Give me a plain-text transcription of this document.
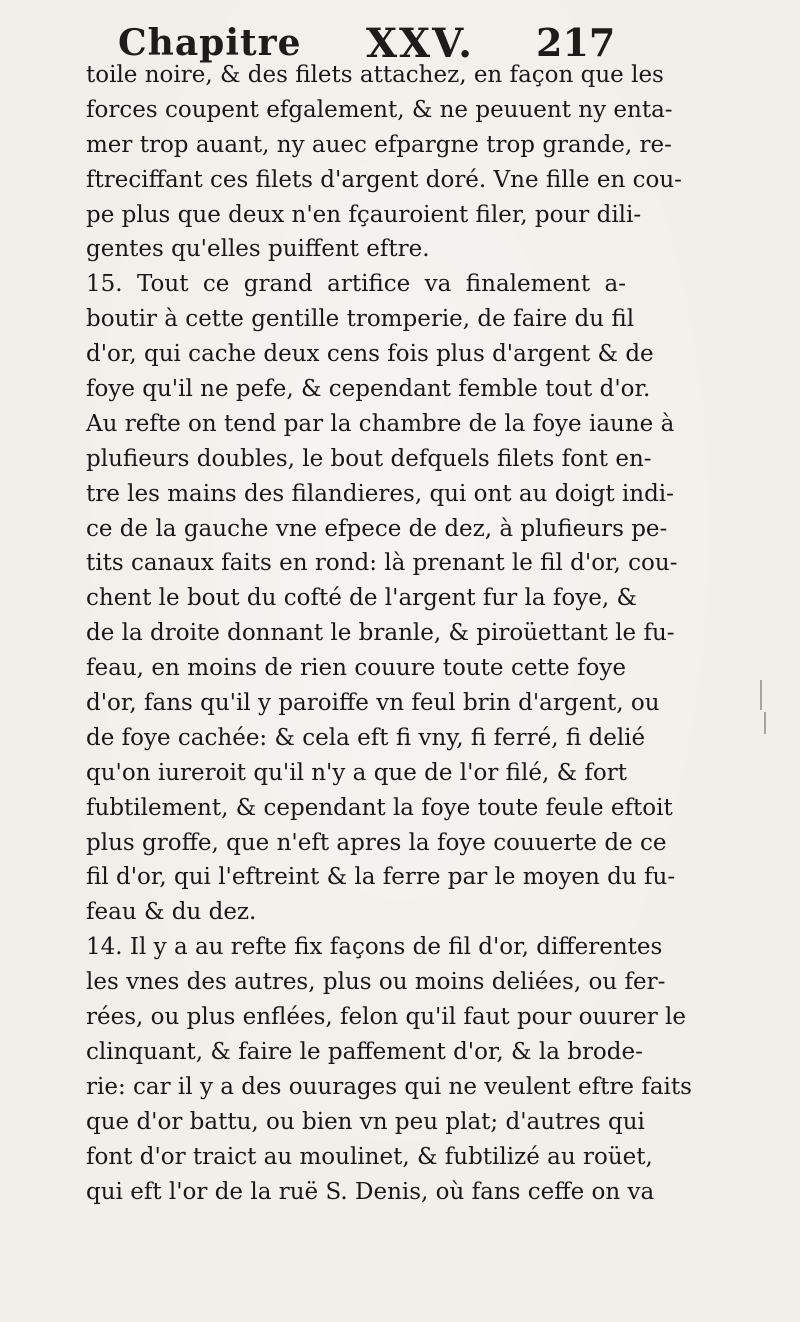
Chapitre XXV. 217
toile noire, & des filets attachez, en façon que les
forces coupent efgalement, & ne peuuent ny enta-
mer trop auant, ny auec efpargne trop grande, re-
ftreciffant ces filets d'argent doré. Vne fille en cou-
pe plus que deux n'en fçauroient filer, pour dili-
gentes qu'elles puiffent eftre.
15. Tout ce grand artifice va finalement a-
boutir à cette gentille tromperie, de faire du fil
d'or, qui cache deux cens fois plus d'argent & de
foye qu'il ne pefe, & cependant femble tout d'or.
Au refte on tend par la chambre de la foye iaune à
plufieurs doubles, le bout defquels filets font en-
tre les mains des filandieres, qui ont au doigt indi-
ce de la gauche vne efpece de dez, à plufieurs pe-
tits canaux faits en rond: là prenant le fil d'or, cou-
chent le bout du cofté de l'argent fur la foye, &
de la droite donnant le branle, & piroüettant le fu-
feau, en moins de rien couure toute cette foye
d'or, fans qu'il y paroiffe vn feul brin d'argent, ou
de foye cachée: & cela eft fi vny, fi ferré, fi delié
qu'on iureroit qu'il n'y a que de l'or filé, & fort
fubtilement, & cependant la foye toute feule eftoit
plus groffe, que n'eft apres la foye couuerte de ce
fil d'or, qui l'eftreint & la ferre par le moyen du fu-
feau & du dez.
14. Il y a au refte fix façons de fil d'or, differentes
les vnes des autres, plus ou moins deliées, ou fer-
rées, ou plus enflées, felon qu'il faut pour ouurer le
clinquant, & faire le paffement d'or, & la brode-
rie: car il y a des ouurages qui ne veulent eftre faits
que d'or battu, ou bien vn peu plat; d'autres qui
font d'or traict au moulinet, & fubtilizé au roüet,
qui eft l'or de la ruë S. Denis, où fans ceffe on va
